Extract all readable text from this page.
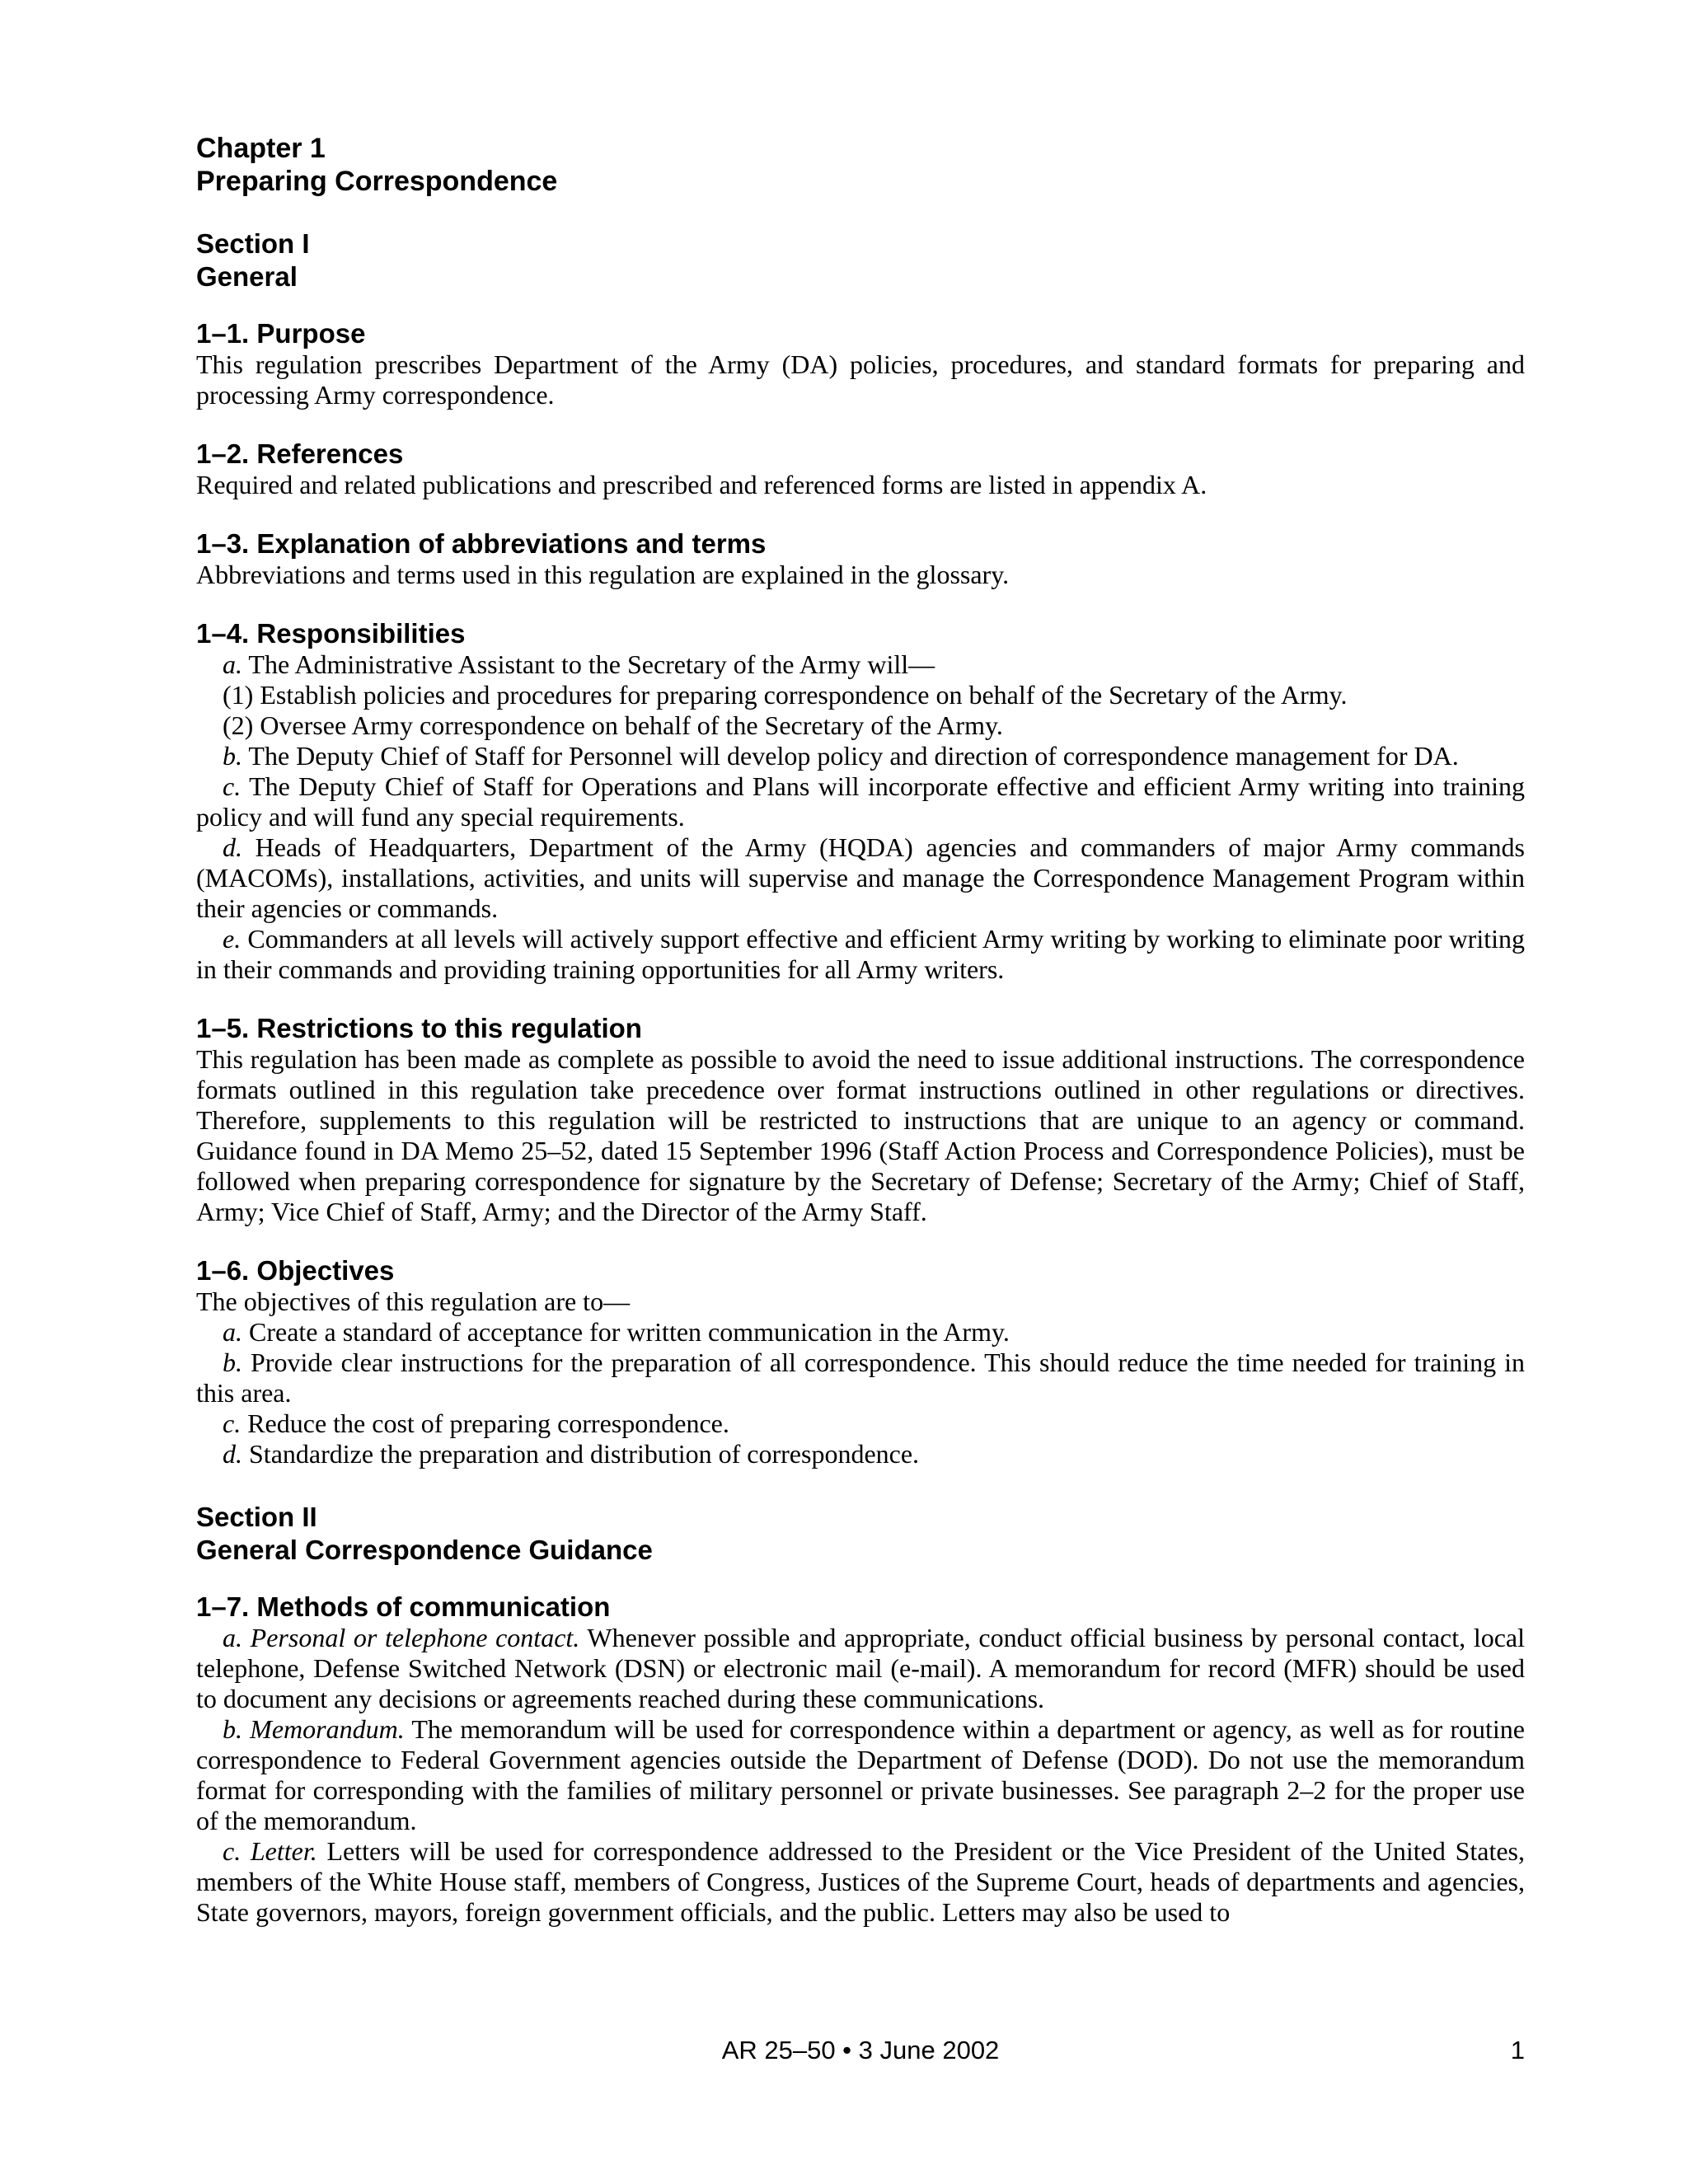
Chapter 1
Preparing Correspondence
Section I
General
1–1. Purpose

This regulation prescribes Department of the Army (DA) policies, procedures, and standard formats for preparing and processing Army correspondence.

1–2. References

Required and related publications and prescribed and referenced forms are listed in appendix A.

1–3. Explanation of abbreviations and terms

Abbreviations and terms used in this regulation are explained in the glossary.

1–4. Responsibilities

a. The Administrative Assistant to the Secretary of the Army will—

(1) Establish policies and procedures for preparing correspondence on behalf of the Secretary of the Army.

(2) Oversee Army correspondence on behalf of the Secretary of the Army.

b. The Deputy Chief of Staff for Personnel will develop policy and direction of correspondence management for DA.

c. The Deputy Chief of Staff for Operations and Plans will incorporate effective and efficient Army writing into training policy and will fund any special requirements.

d. Heads of Headquarters, Department of the Army (HQDA) agencies and commanders of major Army commands (MACOMs), installations, activities, and units will supervise and manage the Correspondence Management Program within their agencies or commands.

e. Commanders at all levels will actively support effective and efficient Army writing by working to eliminate poor writing in their commands and providing training opportunities for all Army writers.

1–5. Restrictions to this regulation

This regulation has been made as complete as possible to avoid the need to issue additional instructions. The correspondence formats outlined in this regulation take precedence over format instructions outlined in other regulations or directives. Therefore, supplements to this regulation will be restricted to instructions that are unique to an agency or command. Guidance found in DA Memo 25–52, dated 15 September 1996 (Staff Action Process and Correspondence Policies), must be followed when preparing correspondence for signature by the Secretary of Defense; Secretary of the Army; Chief of Staff, Army; Vice Chief of Staff, Army; and the Director of the Army Staff.

1–6. Objectives

The objectives of this regulation are to—

a. Create a standard of acceptance for written communication in the Army.

b. Provide clear instructions for the preparation of all correspondence. This should reduce the time needed for training in this area.

c. Reduce the cost of preparing correspondence.

d. Standardize the preparation and distribution of correspondence.

Section II
General Correspondence Guidance
1–7. Methods of communication

a. Personal or telephone contact. Whenever possible and appropriate, conduct official business by personal contact, local telephone, Defense Switched Network (DSN) or electronic mail (e-mail). A memorandum for record (MFR) should be used to document any decisions or agreements reached during these communications.

b. Memorandum. The memorandum will be used for correspondence within a department or agency, as well as for routine correspondence to Federal Government agencies outside the Department of Defense (DOD). Do not use the memorandum format for corresponding with the families of military personnel or private businesses. See paragraph 2–2 for the proper use of the memorandum.

c. Letter. Letters will be used for correspondence addressed to the President or the Vice President of the United States, members of the White House staff, members of Congress, Justices of the Supreme Court, heads of departments and agencies, State governors, mayors, foreign government officials, and the public. Letters may also be used to

AR 25–50 • 3 June 2002	1
